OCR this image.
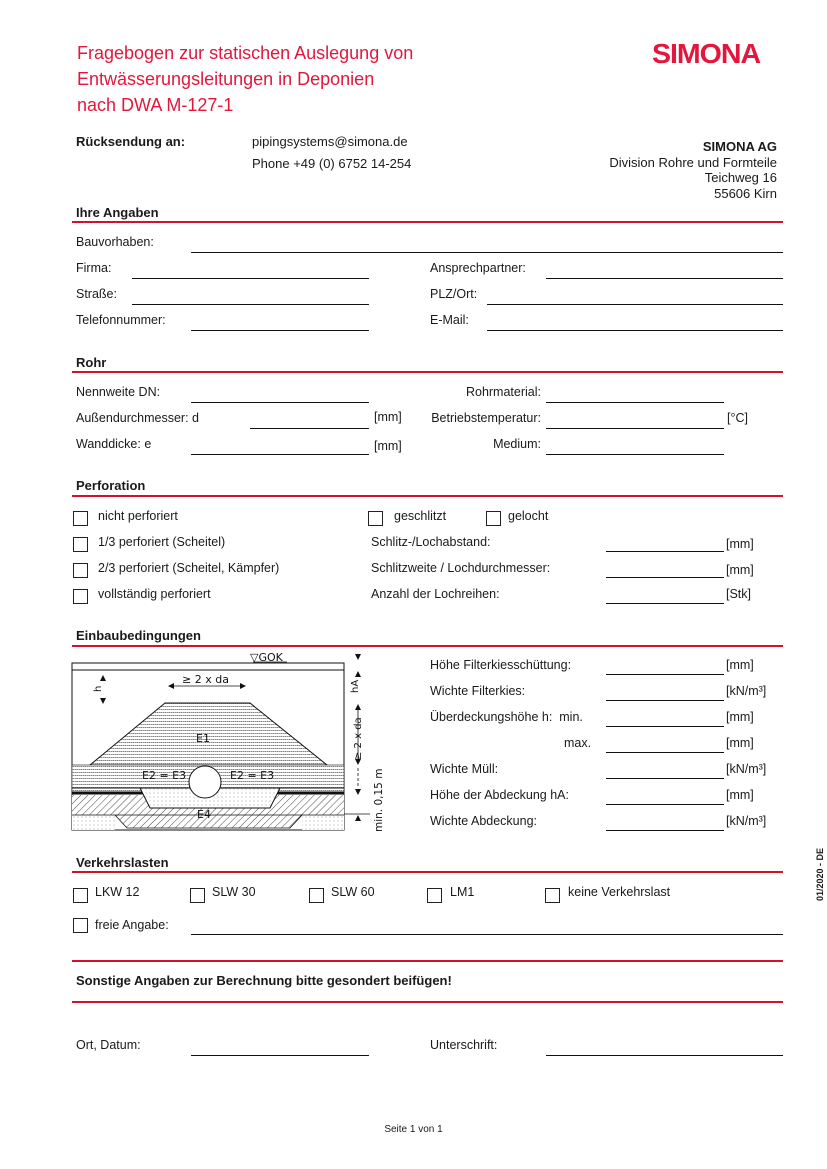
Fragebogen zur statischen Auslegung von
Entwässerungsleitungen in Deponien
nach DWA M-127-1
SIMONA
Rücksendung an:	pipingsystems@simona.de
Phone +49 (0) 6752 14-254
SIMONA AG
Division Rohre und Formteile
Teichweg 16
55606 Kirn
Ihre Angaben
Bauvorhaben:
Firma:	Ansprechpartner:
Straße:	PLZ/Ort:
Telefonnummer:	E-Mail:
Rohr
Nennweite DN:	Rohrmaterial:
Außendurchmesser: d	[mm] Betriebstemperatur:	[°C]
Wanddicke: e	[mm]	Medium:
Perforation
nicht perforiert
1/3 perforiert (Scheitel)
2/3 perforiert (Scheitel, Kämpfer)
vollständig perforiert
geschlitzt	gelocht
Schlitz-/Lochabstand:	[mm]
Schlitzweite / Lochdurchmesser:	[mm]
Anzahl der Lochreihen:	[Stk]
Einbaubedingungen
▽GOK
E1
E2 = E3	E2 = E3
E4
h
≥ 2 x da
hA
≥ 2 x da
min. 0,15 m
Höhe Filterkiesschüttung:	[mm]
Wichte Filterkies:	[kN/m³]
Überdeckungshöhe h:  min.	[mm]
max.	[mm]
Wichte Müll:	[kN/m³]
Höhe der Abdeckung hA:	[mm]
Wichte Abdeckung:	[kN/m³]
Verkehrslasten
LKW 12	SLW 30	SLW 60	LM1	keine Verkehrslast
freie Angabe:
Sonstige Angaben zur Berechnung bitte gesondert beifügen!
Ort, Datum:	Unterschrift:
Seite 1 von 1
01/2020 - DE
